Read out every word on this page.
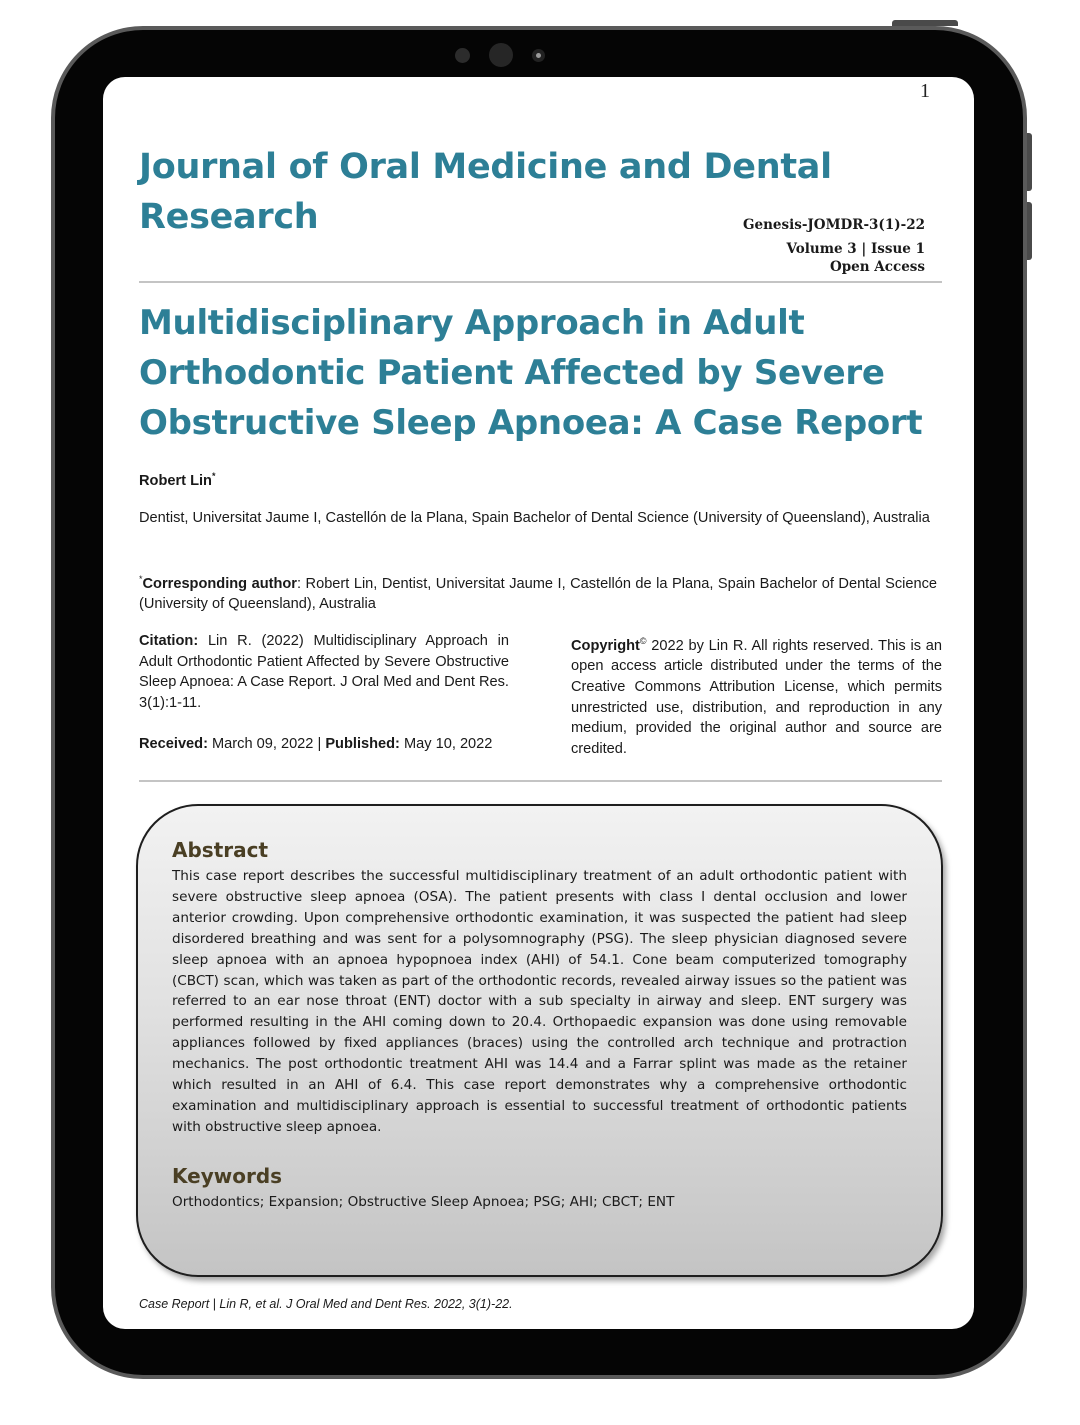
1
Journal of Oral Medicine and Dental Research	Genesis-JOMDR-3(1)-22
Volume 3 | Issue 1
Open Access
Multidisciplinary Approach in Adult Orthodontic Patient Affected by Severe Obstructive Sleep Apnoea: A Case Report
Robert Lin*
Dentist, Universitat Jaume I, Castellón de la Plana, Spain Bachelor of Dental Science (University of Queensland), Australia
*Corresponding author: Robert Lin, Dentist, Universitat Jaume I, Castellón de la Plana, Spain Bachelor of Dental Science (University of Queensland), Australia
Citation: Lin R. (2022) Multidisciplinary Approach in Adult Orthodontic Patient Affected by Severe Obstructive Sleep Apnoea: A Case Report. J Oral Med and Dent Res. 3(1):1-11.
Received: March 09, 2022 | Published: May 10, 2022
Copyright© 2022 by Lin R. All rights reserved. This is an open access article distributed under the terms of the Creative Commons Attribution License, which permits unrestricted use, distribution, and reproduction in any medium, provided the original author and source are credited.
Abstract
This case report describes the successful multidisciplinary treatment of an adult orthodontic patient with severe obstructive sleep apnoea (OSA). The patient presents with class I dental occlusion and lower anterior crowding. Upon comprehensive orthodontic examination, it was suspected the patient had sleep disordered breathing and was sent for a polysomnography (PSG). The sleep physician diagnosed severe sleep apnoea with an apnoea hypopnoea index (AHI) of 54.1. Cone beam computerized tomography (CBCT) scan, which was taken as part of the orthodontic records, revealed airway issues so the patient was referred to an ear nose throat (ENT) doctor with a sub specialty in airway and sleep. ENT surgery was performed resulting in the AHI coming down to 20.4. Orthopaedic expansion was done using removable appliances followed by fixed appliances (braces) using the controlled arch technique and protraction mechanics. The post orthodontic treatment AHI was 14.4 and a Farrar splint was made as the retainer which resulted in an AHI of 6.4. This case report demonstrates why a comprehensive orthodontic examination and multidisciplinary approach is essential to successful treatment of orthodontic patients with obstructive sleep apnoea.
Keywords
Orthodontics; Expansion; Obstructive Sleep Apnoea; PSG; AHI; CBCT; ENT
Case Report | Lin R, et al. J Oral Med and Dent Res. 2022, 3(1)-22.
